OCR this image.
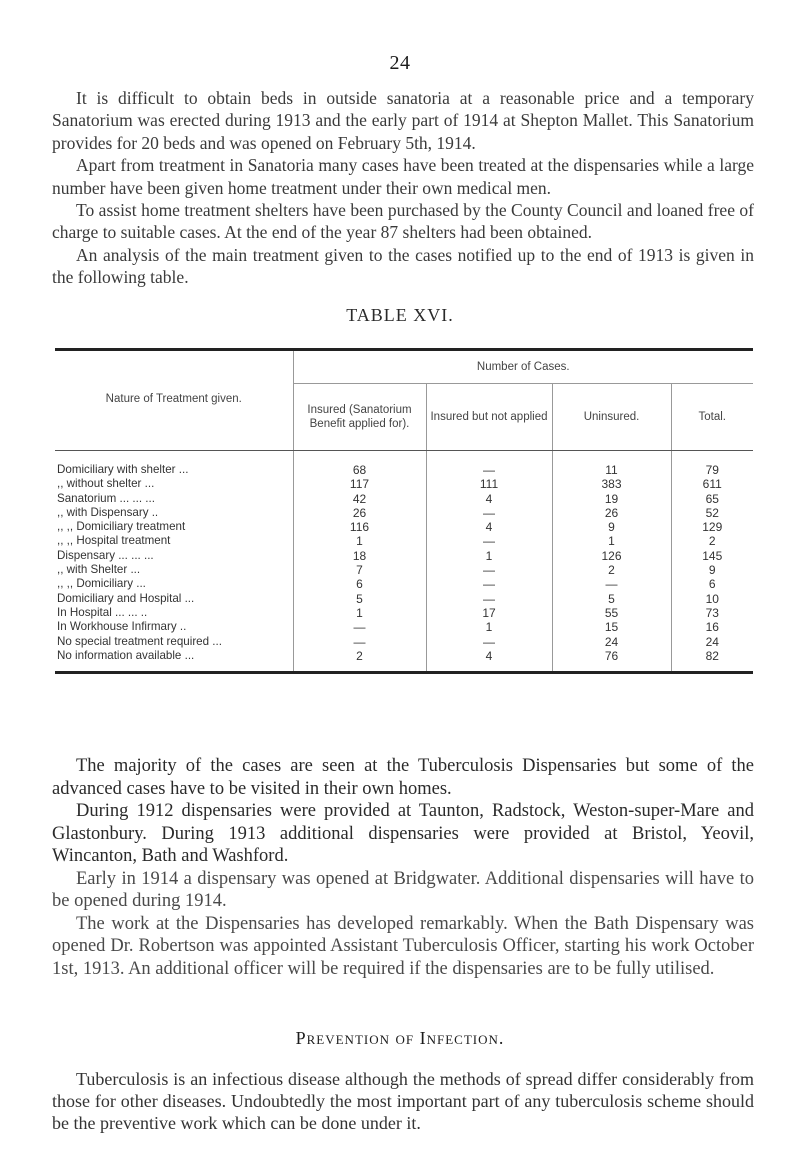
24

It is difficult to obtain beds in outside sanatoria at a reasonable price and a temporary Sanatorium was erected during 1913 and the early part of 1914 at Shepton Mallet. This Sanatorium provides for 20 beds and was opened on February 5th, 1914.

Apart from treatment in Sanatoria many cases have been treated at the dispensaries while a large number have been given home treatment under their own medical men.

To assist home treatment shelters have been purchased by the County Council and loaned free of charge to suitable cases. At the end of the year 87 shelters had been obtained.

An analysis of the main treatment given to the cases notified up to the end of 1913 is given in the following table.

TABLE XVI.
Nature of Treatment given.	Number of Cases.			
	Insured (Sanatorium Benefit applied for).	Insured but not applied	Uninsured.	Total.
Domiciliary with shelter ...	68	—	11	79
,, without shelter ...	117	111	383	611
Sanatorium ... ... ...	42	4	19	65
,, with Dispensary ..	26	—	26	52
,, ,, Domiciliary treatment	116	4	9	129
,, ,, Hospital treatment	1	—	1	2
Dispensary ... ... ...	18	1	126	145
,, with Shelter ...	7	—	2	9
,, ,, Domiciliary ...	6	—	—	6
Domiciliary and Hospital ...	5	—	5	10
In Hospital ... ... ..	1	17	55	73
In Workhouse Infirmary ..	—	1	15	16
No special treatment required ...	—	—	24	24
No information available ...	2	4	76	82

The majority of the cases are seen at the Tuberculosis Dispensaries but some of the advanced cases have to be visited in their own homes.

During 1912 dispensaries were provided at Taunton, Radstock, Weston-super-Mare and Glastonbury. During 1913 additional dispensaries were provided at Bristol, Yeovil, Wincanton, Bath and Washford.

Early in 1914 a dispensary was opened at Bridgwater. Additional dispensaries will have to be opened during 1914.

The work at the Dispensaries has developed remarkably. When the Bath Dispensary was opened Dr. Robertson was appointed Assistant Tuberculosis Officer, starting his work October 1st, 1913. An additional officer will be required if the dispensaries are to be fully utilised.

Prevention of Infection.

Tuberculosis is an infectious disease although the methods of spread differ considerably from those for other diseases. Undoubtedly the most important part of any tuberculosis scheme should be the preventive work which can be done under it.
